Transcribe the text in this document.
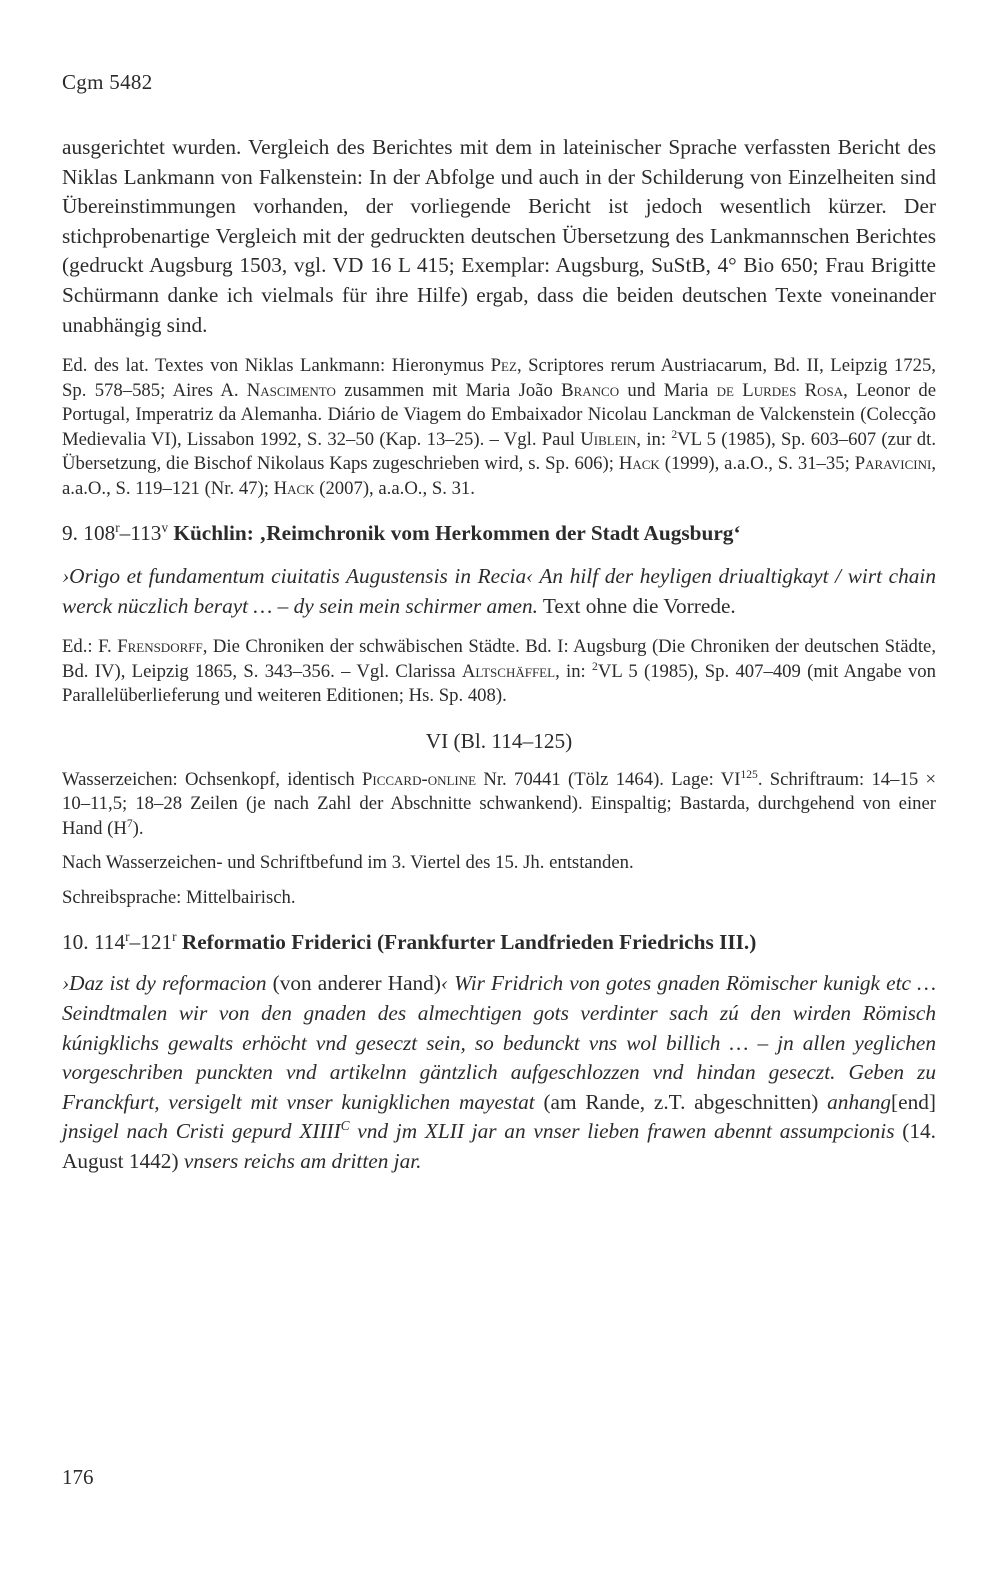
Cgm 5482

ausgerichtet wurden. Vergleich des Berichtes mit dem in lateinischer Sprache verfassten Bericht des Niklas Lankmann von Falkenstein: In der Abfolge und auch in der Schilderung von Einzelheiten sind Übereinstimmungen vorhanden, der vorliegende Bericht ist jedoch wesentlich kürzer. Der stichprobenartige Vergleich mit der gedruckten deutschen Übersetzung des Lankmannschen Berichtes (gedruckt Augsburg 1503, vgl. VD 16 L 415; Exemplar: Augsburg, SuStB, 4° Bio 650; Frau Brigitte Schürmann danke ich vielmals für ihre Hilfe) ergab, dass die beiden deutschen Texte voneinander unabhängig sind.

Ed. des lat. Textes von Niklas Lankmann: Hieronymus Pez, Scriptores rerum Austriacarum, Bd. II, Leipzig 1725, Sp. 578–585; Aires A. Nascimento zusammen mit Maria João Branco und Maria de Lurdes Rosa, Leonor de Portugal, Imperatriz da Alemanha. Diário de Viagem do Embaixador Nicolau Lanckman de Valckenstein (Colecção Medievalia VI), Lissabon 1992, S. 32–50 (Kap. 13–25). – Vgl. Paul Uiblein, in: $^2$VL 5 (1985), Sp. 603–607 (zur dt. Übersetzung, die Bischof Nikolaus Kaps zugeschrieben wird, s. Sp. 606); Hack (1999), a.a.O., S. 31–35; Paravicini, a.a.O., S. 119–121 (Nr. 47); Hack (2007), a.a.O., S. 31.

9. 108$^r$–113$^v$ Küchlin: ‚Reimchronik vom Herkommen der Stadt Augsburg‘

›Origo et fundamentum ciuitatis Augustensis in Recia‹ An hilf der heyligen driualtigkayt / wirt chain werck nüczlich berayt … – dy sein mein schirmer amen. Text ohne die Vorrede.

Ed.: F. Frensdorff, Die Chroniken der schwäbischen Städte. Bd. I: Augsburg (Die Chroniken der deutschen Städte, Bd. IV), Leipzig 1865, S. 343–356. – Vgl. Clarissa Altschäffel, in: $^2$VL 5 (1985), Sp. 407–409 (mit Angabe von Parallelüberlieferung und weiteren Editionen; Hs. Sp. 408).

VI (Bl. 114–125)

Wasserzeichen: Ochsenkopf, identisch Piccard-online Nr. 70441 (Tölz 1464). Lage: VI$^{125}$. Schriftraum: 14–15 × 10–11,5; 18–28 Zeilen (je nach Zahl der Abschnitte schwankend). Einspaltig; Bastarda, durchgehend von einer Hand $(H^7)$.

Nach Wasserzeichen- und Schriftbefund im 3. Viertel des 15. Jh. entstanden.

Schreibsprache: Mittelbairisch.

10. 114$^r$–121$^r$ Reformatio Friderici (Frankfurter Landfrieden Friedrichs III.)

›Daz ist dy reformacion (von anderer Hand)‹ Wir Fridrich von gotes gnaden Römischer kunigk etc … Seindtmalen wir von den gnaden des almechtigen gots verdinter sach zú den wirden Römisch kúnigklichs gewalts erhöcht vnd geseczt sein, so bedunckt vns wol billich … – jn allen yeglichen vorgeschriben punckten vnd artikelnn gäntzlich aufgeschlozzen vnd hindan geseczt. Geben zu Franckfurt, versigelt mit vnser kunigklichen mayestat (am Rande, z.T. abgeschnitten) anhang[end] jnsigel nach Cristi gepurd $XIIII^C$ vnd jm XLII jar an vnser lieben frawen abennt assumpcionis (14. August 1442) vnsers reichs am dritten jar.

176
